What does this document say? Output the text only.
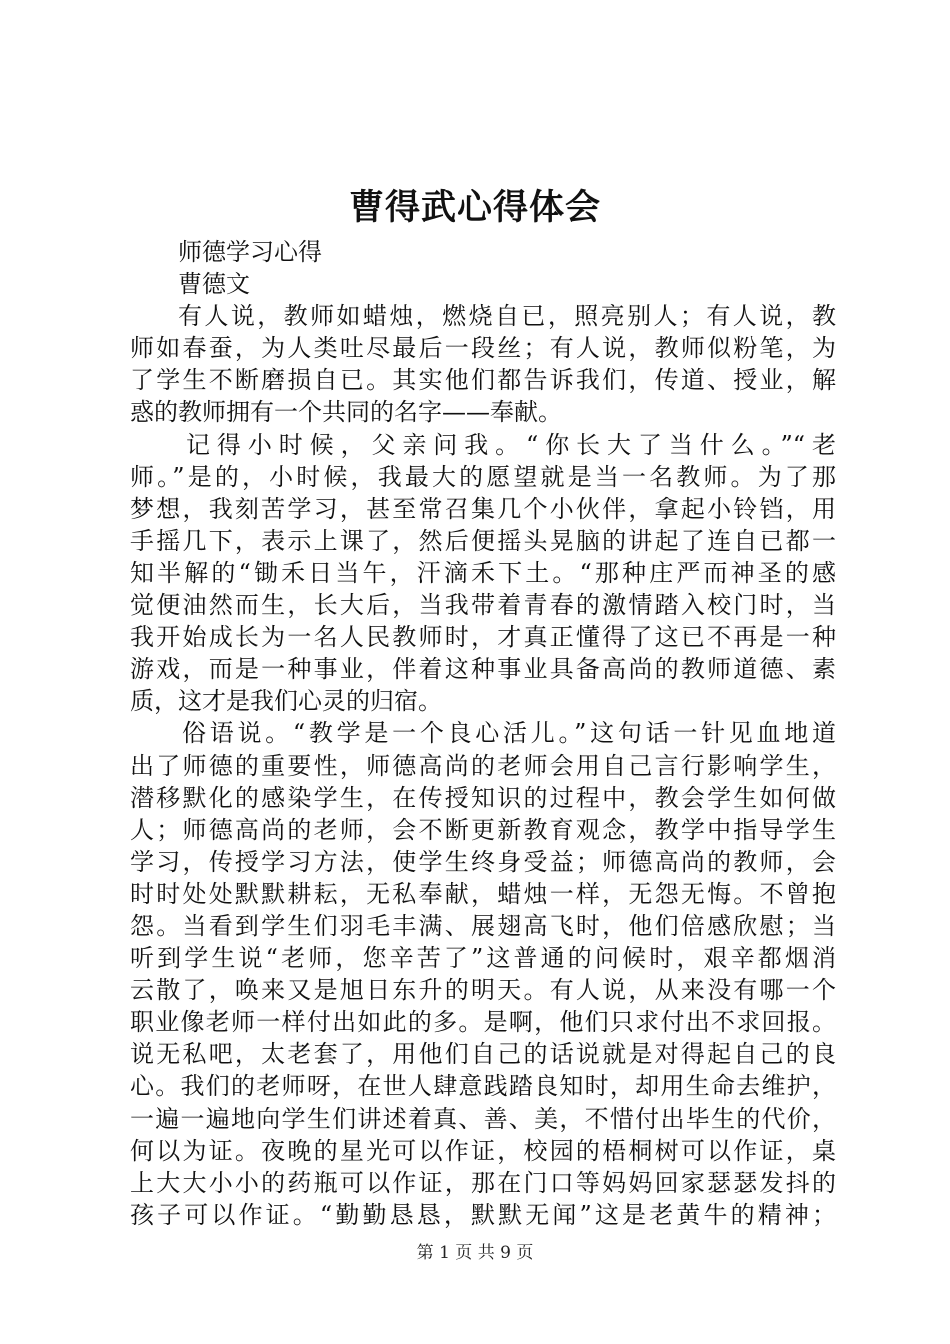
曹得武心得体会
师德学习心得
曹德文
有人说，教师如蜡烛，燃烧自已，照亮别人；有人说，教
师如春蚕，为人类吐尽最后一段丝；有人说，教师似粉笔，为
了学生不断磨损自已。其实他们都告诉我们，传道、授业，解
惑的教师拥有一个共同的名字——奉献。
记得小时候，父亲问我。“你长大了当什么。”“老
师。”是的，小时候，我最大的愿望就是当一名教师。为了那
梦想，我刻苦学习，甚至常召集几个小伙伴，拿起小铃铛，用
手摇几下，表示上课了，然后便摇头晃脑的讲起了连自已都一
知半解的“锄禾日当午，汗滴禾下土。“那种庄严而神圣的感
觉便油然而生，长大后，当我带着青春的激情踏入校门时，当
我开始成长为一名人民教师时，才真正懂得了这已不再是一种
游戏，而是一种事业，伴着这种事业具备高尚的教师道德、素
质，这才是我们心灵的归宿。
俗语说。“教学是一个良心活儿。”这句话一针见血地道
出了师德的重要性，师德高尚的老师会用自己言行影响学生，
潜移默化的感染学生，在传授知识的过程中，教会学生如何做
人；师德高尚的老师，会不断更新教育观念，教学中指导学生
学习，传授学习方法，使学生终身受益；师德高尚的教师，会
时时处处默默耕耘，无私奉献，蜡烛一样，无怨无悔。不曾抱
怨。当看到学生们羽毛丰满、展翅高飞时，他们倍感欣慰；当
听到学生说“老师，您辛苦了”这普通的问候时，艰辛都烟消
云散了，唤来又是旭日东升的明天。有人说，从来没有哪一个
职业像老师一样付出如此的多。是啊，他们只求付出不求回报。
说无私吧，太老套了，用他们自己的话说就是对得起自己的良
心。我们的老师呀，在世人肆意践踏良知时，却用生命去维护，
一遍一遍地向学生们讲述着真、善、美，不惜付出毕生的代价，
何以为证。夜晚的星光可以作证，校园的梧桐树可以作证，桌
上大大小小的药瓶可以作证，那在门口等妈妈回家瑟瑟发抖的
孩子可以作证。“勤勤恳恳，默默无闻”这是老黄牛的精神；
第 1 页 共 9 页
